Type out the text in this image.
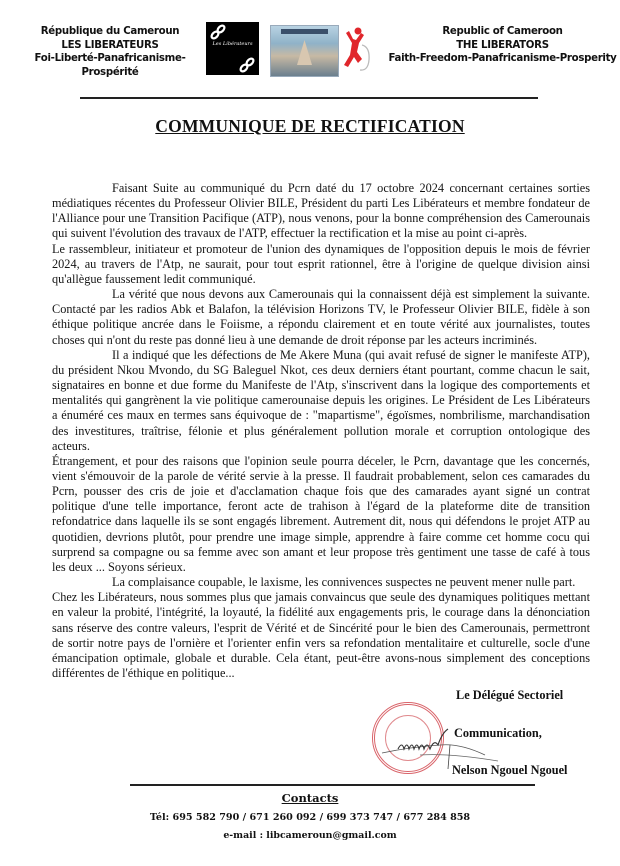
République du Cameroun
LES LIBERATEURS
Foi-Liberté-Panafricanisme-Prospérité
Les Libérateurs
Republic of Cameroon
THE LIBERATORS
Faith-Freedom-Panafricanisme-Prosperity
COMMUNIQUE DE RECTIFICATION

Faisant Suite au communiqué du Pcrn daté du 17 octobre 2024 concernant certaines sorties médiatiques récentes du Professeur Olivier BILE, Président du parti Les Libérateurs et membre fondateur de l'Alliance pour une Transition Pacifique (ATP), nous venons, pour la bonne compréhension des Camerounais qui suivent l'évolution des travaux de l'ATP, effectuer la rectification et la mise au point ci-après.

Le rassembleur, initiateur et promoteur de l'union des dynamiques de l'opposition depuis le mois de février 2024, au travers de l'Atp, ne saurait, pour tout esprit rationnel, être à l'origine de quelque division ainsi qu'allègue faussement ledit communiqué.

La vérité que nous devons aux Camerounais qui la connaissent déjà est simplement la suivante. Contacté par les radios Abk et Balafon, la télévision Horizons TV, le Professeur Olivier BILE, fidèle à son éthique politique ancrée dans le Foiisme, a répondu clairement et en toute vérité aux journalistes, toutes choses qui n'ont du reste pas donné lieu à une demande de droit réponse par les acteurs incriminés.

Il a indiqué que les défections de Me Akere Muna (qui avait refusé de signer le manifeste ATP), du président Nkou Mvondo, du SG Baleguel Nkot, ces deux derniers étant pourtant, comme chacun le sait, signataires en bonne et due forme du Manifeste de l'Atp, s'inscrivent dans la logique des comportements et mentalités qui gangrènent la vie politique camerounaise depuis les origines. Le Président de Les Libérateurs a énuméré ces maux en termes sans équivoque de : "mapartisme", égoïsmes, nombrilisme, marchandisation des investitures, traîtrise, félonie et plus généralement pollution morale et corruption ontologique des acteurs.

Étrangement, et pour des raisons que l'opinion seule pourra déceler, le Pcrn, davantage que les concernés, vient s'émouvoir de la parole de vérité servie à la presse. Il faudrait probablement, selon ces camarades du Pcrn, pousser des cris de joie et d'acclamation chaque fois que des camarades ayant signé un contrat politique d'une telle importance, feront acte de trahison à l'égard de la plateforme dite de transition refondatrice dans laquelle ils se sont engagés librement. Autrement dit, nous qui défendons le projet ATP au quotidien, devrions plutôt, pour prendre une image simple, apprendre à faire comme cet homme cocu qui surprend sa compagne ou sa femme avec son amant et leur propose très gentiment une tasse de café à tous les deux ... Soyons sérieux.

La complaisance coupable, le laxisme, les connivences suspectes ne peuvent mener nulle part.

Chez les Libérateurs, nous sommes plus que jamais convaincus que seule des dynamiques politiques mettant en valeur la probité, l'intégrité, la loyauté, la fidélité aux engagements pris, le courage dans la dénonciation sans réserve des contre valeurs, l'esprit de Vérité et de Sincérité pour le bien des Camerounais, permettront de sortir notre pays de l'ornière et l'orienter enfin vers sa refondation mentalitaire et culturelle, socle d'une émancipation optimale, globale et durable. Cela étant, peut-être avons-nous simplement des conceptions différentes de l'éthique en politique...

Le Délégué Sectoriel
Communication,
Nelson Ngouel Ngouel
Contacts
Tél: 695 582 790 / 671 260 092 / 699 373 747 / 677 284 858
e-mail : libcameroun@gmail.com
